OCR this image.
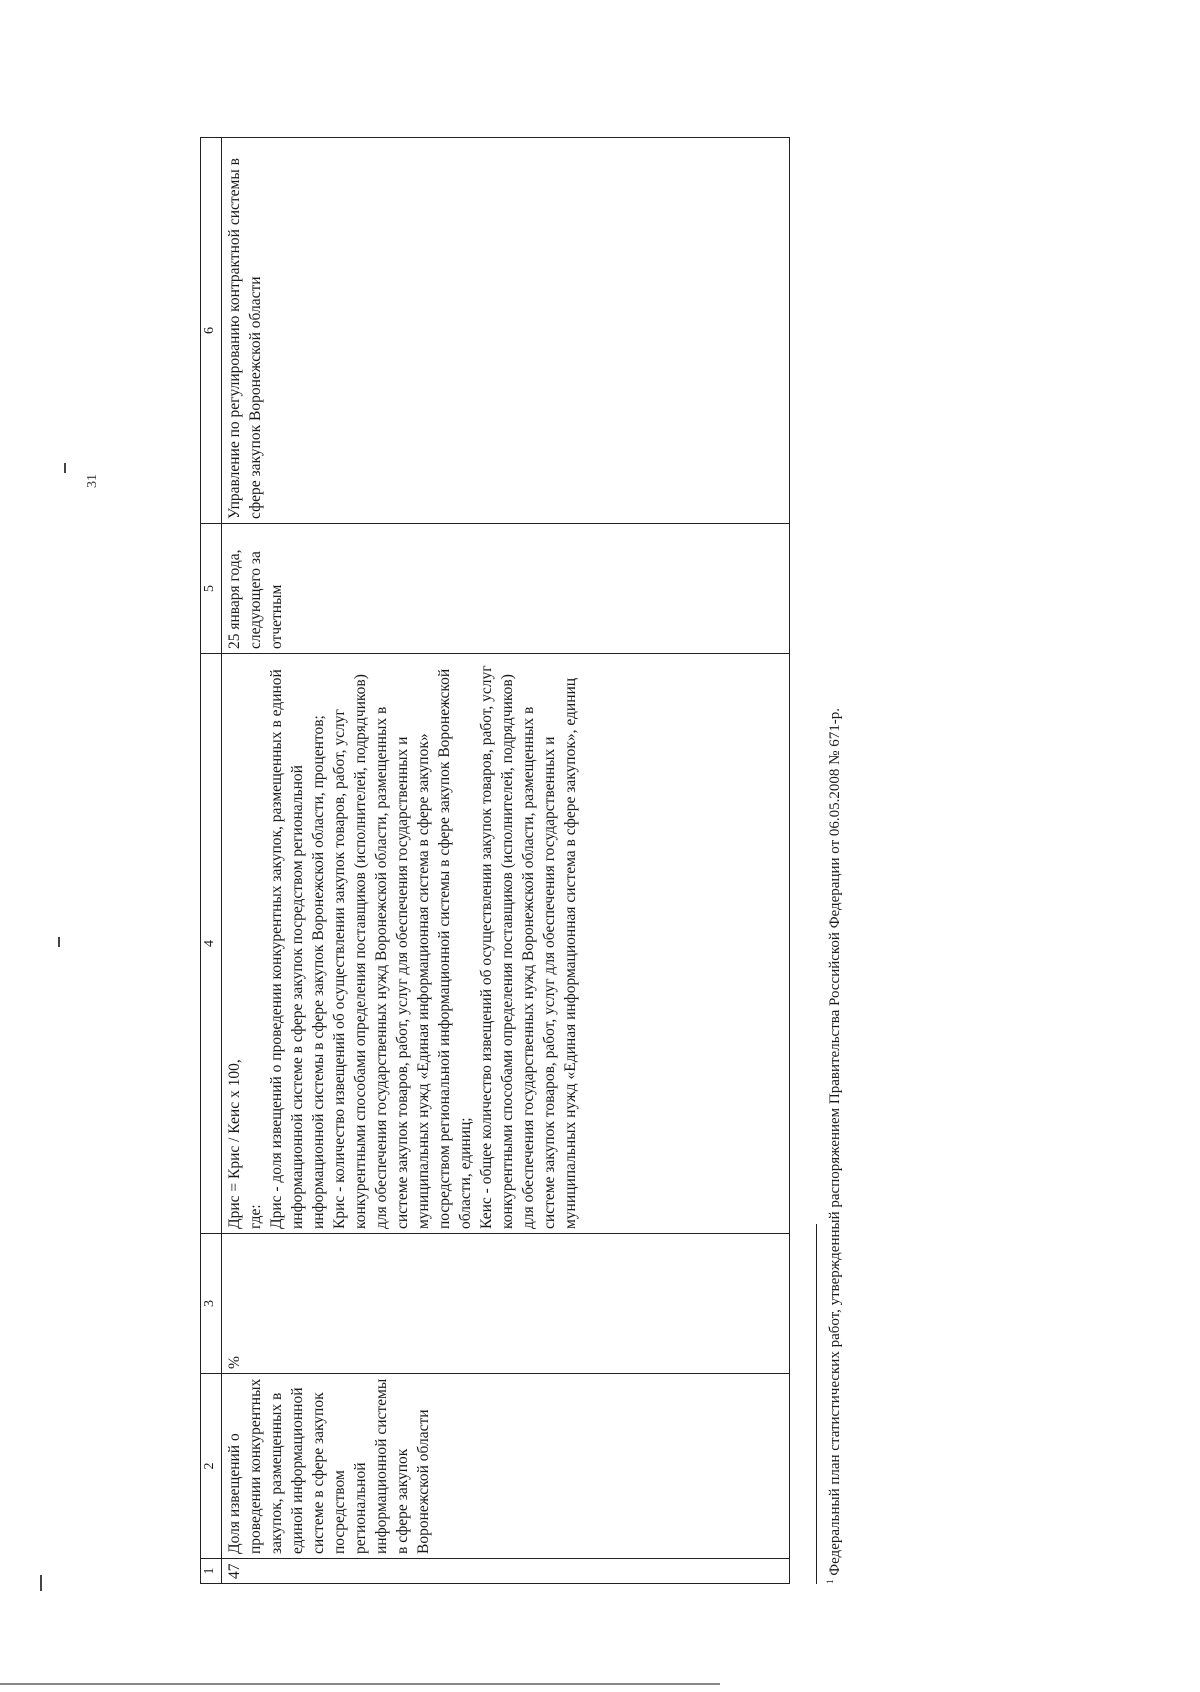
31
1	2	3	4	5	6
47	Доля извещений о проведении конкурентных закупок, размещенных в единой информационной системе в сфере закупок посредством региональной информационной системы в сфере закупок Воронежской области	%	Дрис = Крис / Кеис х 100, где: Дрис - доля извещений о проведении конкурентных закупок, размещенных в единой информационной системе в сфере закупок посредством региональной информационной системы в сфере закупок Воронежской области, процентов; Крис - количество извещений об осуществлении закупок товаров, работ, услуг конкурентными способами определения поставщиков (исполнителей, подрядчиков) для обеспечения государственных нужд Воронежской области, размещенных в системе закупок товаров, работ, услуг для обеспечения государственных и муниципальных нужд «Единая информационная система в сфере закупок» посредством региональной информационной системы в сфере закупок Воронежской области, единиц; Кеис - общее количество извещений об осуществлении закупок товаров, работ, услуг конкурентными способами определения поставщиков (исполнителей, подрядчиков) для обеспечения государственных нужд Воронежской области, размещенных в системе закупок товаров, работ, услуг для обеспечения государственных и муниципальных нужд «Единая информационная система в сфере закупок», единиц	25 января года, следующего за отчетным	Управление по регулированию контрактной системы в сфере закупок Воронежской области
$^1$ Федеральный план статистических работ, утвержденный распоряжением Правительства Российской Федерации от 06.05.2008 № 671-р.
